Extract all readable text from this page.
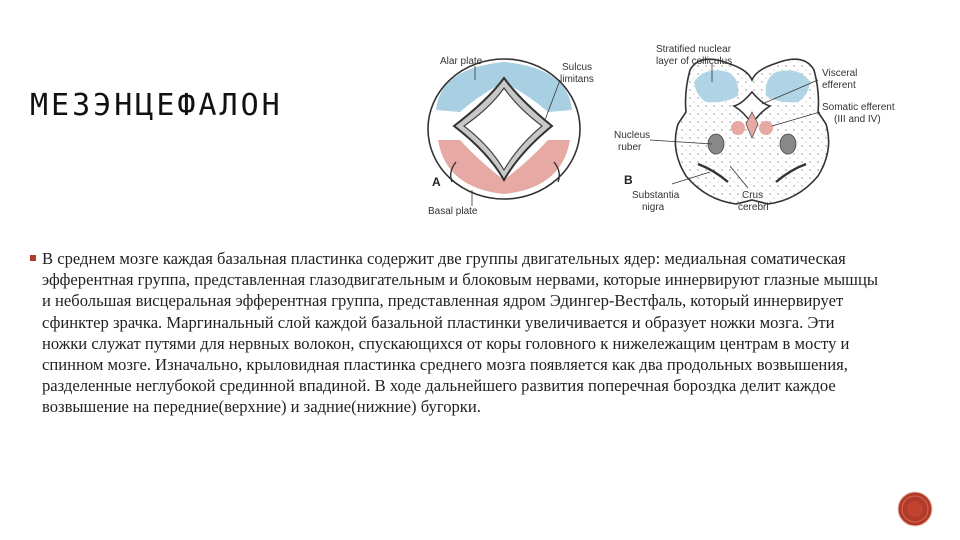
МЕЗЭНЦЕФАЛОН
Alar plate
Sulcus
limitans
Basal plate
A
Stratified nuclear
layer of colliculus
Visceral
efferent
Somatic efferent
(III and IV)
Nucleus
ruber
Substantia
nigra
Crus
cerebri
B

В среднем мозге каждая базальная пластинка содержит две группы двигательных ядер: медиальная соматическая эфферентная группа, представленная глазодвигательным и блоковым нервами, которые иннервируют глазные мышцы и небольшая висцеральная эфферентная группа, представленная ядром Эдингер-Вестфаль, который иннервирует сфинктер зрачка. Маргинальный слой каждой базальной пластинки увеличивается и образует ножки мозга. Эти ножки служат путями для нервных волокон, спускающихся от коры головного к нижележащим центрам в мосту и спинном мозге. Изначально, крыловидная пластинка среднего мозга появляется как два продольных возвышения, разделенные неглубокой срединной впадиной. В ходе дальнейшего развития поперечная бороздка делит каждое возвышение на передние(верхние) и задние(нижние) бугорки.
